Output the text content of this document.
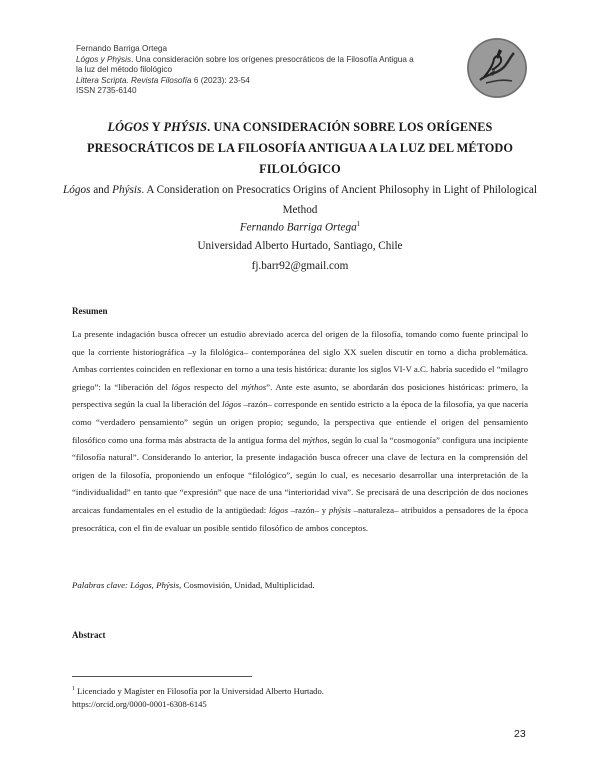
Fernando Barriga Ortega
Lógos y Phýsis. Una consideración sobre los orígenes presocráticos de la Filosofía Antigua a
la luz del método filológico
Littera Scripta. Revista Filosofía 6 (2023): 23-54
ISSN 2735-6140
LÓGOS Y PHÝSIS. UNA CONSIDERACIÓN SOBRE LOS ORÍGENES
PRESOCRÁTICOS DE LA FILOSOFÍA ANTIGUA A LA LUZ DEL MÉTODO
FILOLÓGICO
Lógos and Phýsis. A Consideration on Presocratics Origins of Ancient Philosophy in Light of Philological Method
Fernando Barriga Ortega$^1$
Universidad Alberto Hurtado, Santiago, Chile
fj.barr92@gmail.com
Resumen
La presente indagación busca ofrecer un estudio abreviado acerca del origen de la filosofía, tomando como fuente principal lo que la corriente historiográfica –y la filológica– contemporánea del siglo XX suelen discutir en torno a dicha problemática. Ambas corrientes coinciden en reflexionar en torno a una tesis histórica: durante los siglos VI-V a.C. habría sucedido el “milagro griego”: la “liberación del lógos respecto del mýthos”. Ante este asunto, se abordarán dos posiciones históricas: primero, la perspectiva según la cual la liberación del lógos –razón– corresponde en sentido estricto a la época de la filosofía, ya que naceria como “verdadero pensamiento” según un origen propio; segundo, la perspectiva que entiende el origen del pensamiento filosófico como una forma más abstracta de la antigua forma del mýthos, según lo cual la “cosmogonía” configura una incipiente “filosofía natural”. Considerando lo anterior, la presente indagación busca ofrecer una clave de lectura en la comprensión del origen de la filosofía, proponiendo un enfoque “filológico”, según lo cual, es necesario desarrollar una interpretación de la “individualidad” en tanto que “expresión” que nace de una “interioridad viva”. Se precisará de una descripción de dos nociones arcaicas fundamentales en el estudio de la antigüedad: lógos –razón– y phýsis –naturaleza– atribuidos a pensadores de la época presocrática, con el fin de evaluar un posible sentido filosófico de ambos conceptos.
Palabras clave: Lógos, Phýsis, Cosmovisión, Unidad, Multiplicidad.
Abstract
$^1$ Licenciado y Magíster en Filosofía por la Universidad Alberto Hurtado.
https://orcid.org/0000-0001-6308-6145
23
